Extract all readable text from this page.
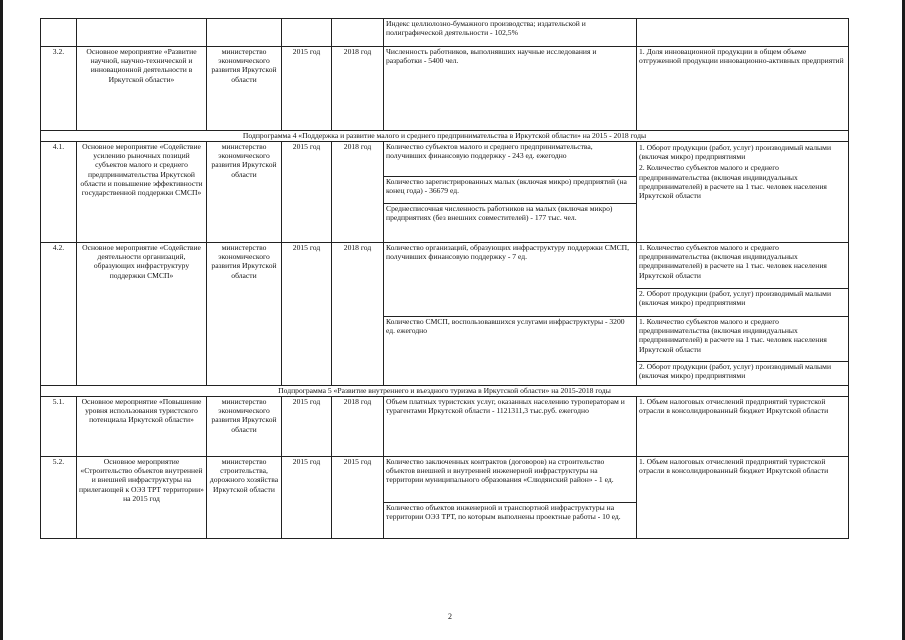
					Индекс целлюлозно-бумажного производства; издательской и полиграфической деятельности - 102,5%	
3.2.	Основное мероприятие «Развитие научной, научно-технической и инновационной деятельности в Иркутской области»	министерство экономического развития Иркутской области	2015 год	2018 год	Численность работников, выполнявших научные исследования и разработки - 5400 чел.	1. Доля инновационной продукции в общем объеме отгруженной продукции инновационно-активных предприятий
Подпрограмма 4 «Поддержка и развитие малого и среднего предпринимательства в Иркутской области» на 2015 - 2018 годы						
4.1.	Основное мероприятие «Содействие усилению рыночных позиций субъектов малого и среднего предпринимательства Иркутской области и повышение эффективности государственной поддержки СМСП»	министерство экономического развития Иркутской области	2015 год	2018 год	Количество субъектов малого и среднего предпринимательства, получивших финансовую поддержку - 243 ед. ежегодно	1. Оборот продукции (работ, услуг) производимый малыми (включая микро) предприятиями
2. Количество субъектов малого и среднего предпринимательства (включая индивидуальных предпринимателей) в расчете на 1 тыс. человек населения Иркутской области

					Количество зарегистрированных малых (включая микро) предприятий (на конец года) - 36679 ед.	
					Среднесписочная численность работников на малых (включая микро) предприятиях (без внешних совместителей) - 177 тыс. чел.	
4.2.	Основное мероприятие «Содействие деятельности организаций, образующих инфраструктуру поддержки СМСП»	министерство экономического развития Иркутской области	2015 год	2018 год	Количество организаций, образующих инфраструктуру поддержки СМСП, получивших финансовую поддержку - 7 ед.	1. Количество субъектов малого и среднего предпринимательства (включая индивидуальных предпринимателей) в расчете на 1 тыс. человек населения Иркутской области
						2. Оборот продукции (работ, услуг) производимый малыми (включая микро) предприятиями
					Количество СМСП, воспользовавшихся услугами инфраструктуры - 3200 ед. ежегодно	1. Количество субъектов малого и среднего предпринимательства (включая индивидуальных предпринимателей) в расчете на 1 тыс. человек населения Иркутской области
						2. Оборот продукции (работ, услуг) производимый малыми (включая микро) предприятиями
Подпрограмма 5 «Развитие внутреннего и въездного туризма в Иркутской области» на 2015-2018 годы						
5.1.	Основное мероприятие «Повышение уровня использования туристского потенциала Иркутской области»	министерство экономического развития Иркутской области	2015 год	2018 год	Объем платных туристских услуг, оказанных населению туроператорам и турагентами Иркутской области - 1121311,3 тыс.руб. ежегодно	1. Объем налоговых отчислений предприятий туристской отрасли в консолидированный бюджет Иркутской области
5.2.	Основное мероприятие «Строительство объектов внутренней и внешней инфраструктуры на прилегающей к ОЭЗ ТРТ территории» на 2015 год	министерство строительства, дорожного хозяйства Иркутской области	2015 год	2015 год	Количество заключенных контрактов (договоров) на строительство объектов внешней и внутренней инженерной инфраструктуры на территории муниципального образования «Слюдянский район» - 1 ед.	1. Объем налоговых отчислений предприятий туристской отрасли в консолидированный бюджет Иркутской области
					Количество объектов инженерной и транспортной инфраструктуры на территории ОЭЗ ТРТ, по которым выполнены проектные работы - 10 ед.	
2
